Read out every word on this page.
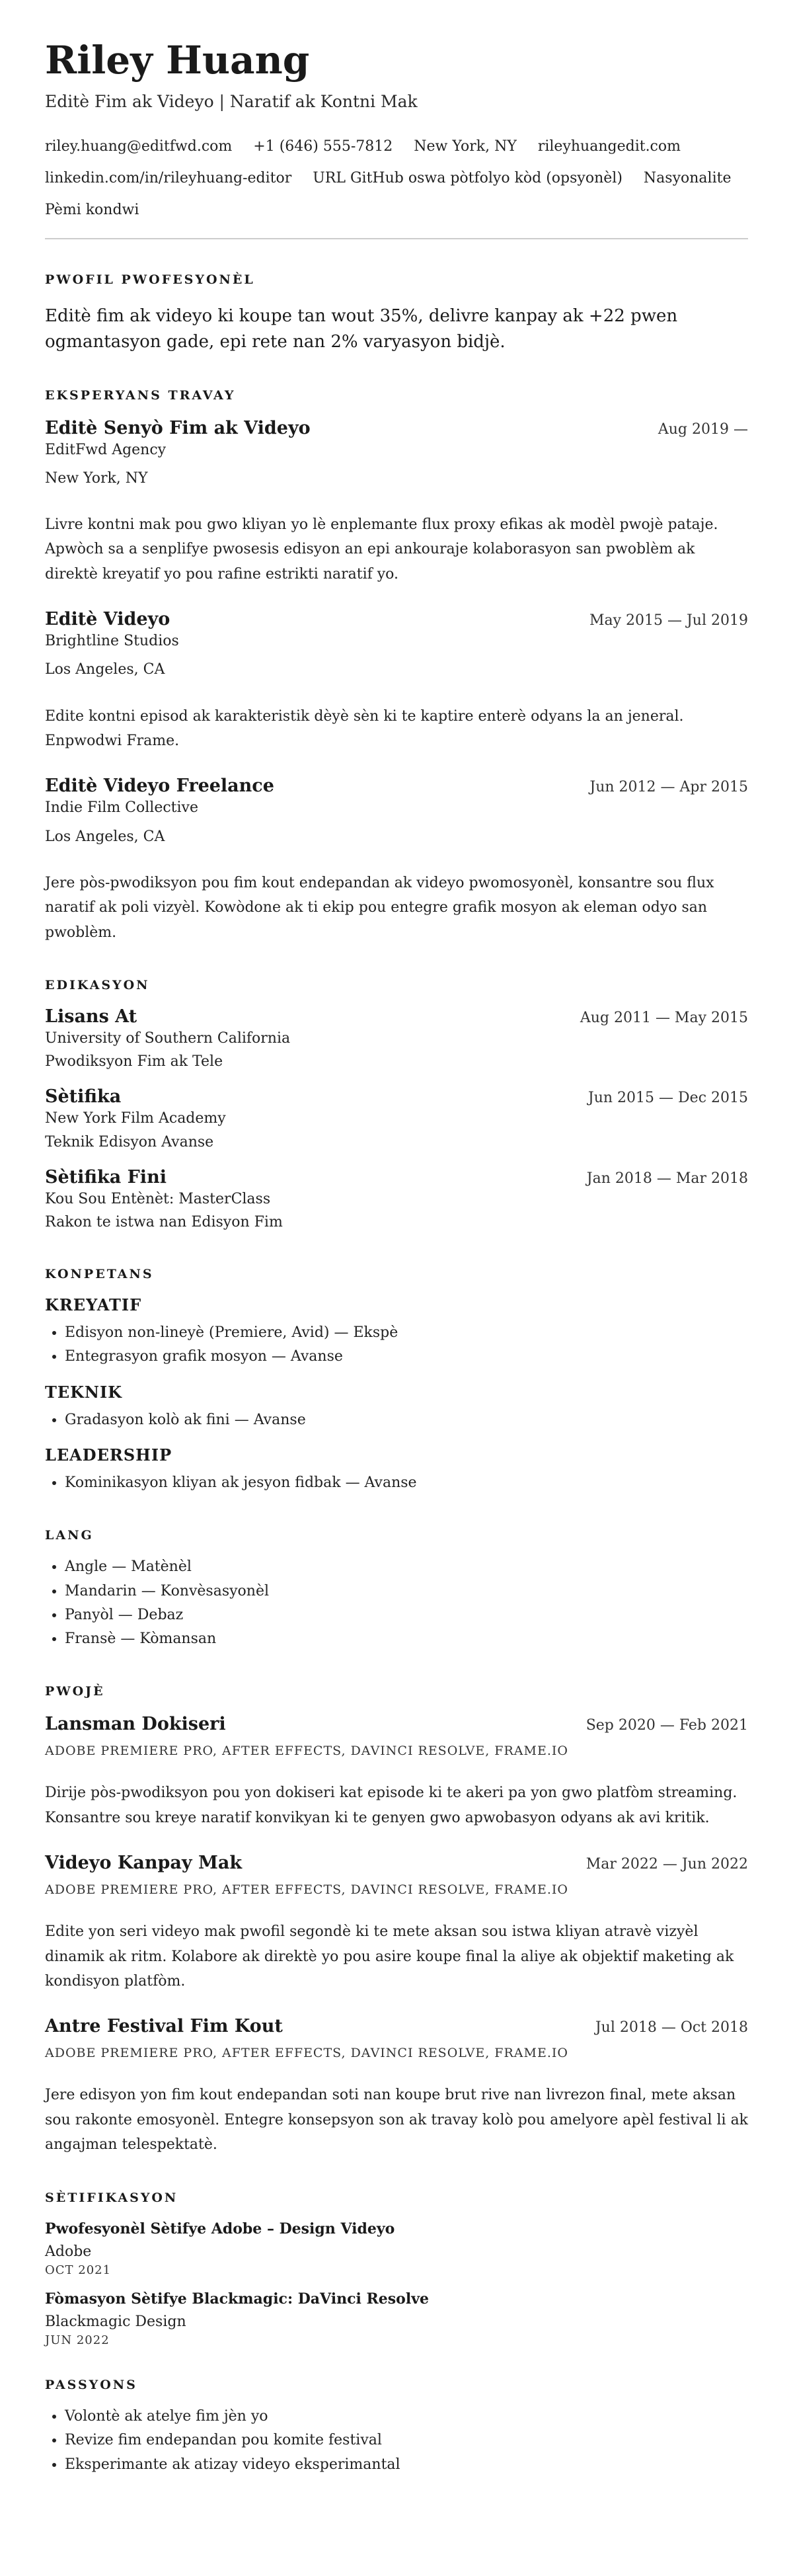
Riley Huang
Editè Fim ak Videyo | Naratif ak Kontni Mak
riley.huang@editfwd.com +1 (646) 555-7812 New York, NY rileyhuangedit.com
linkedin.com/in/rileyhuang-editor URL GitHub oswa pòtfolyo kòd (opsyonèl) Nasyonalite
Pèmi kondwi
PWOFIL PWOFESYONÈL
Editè fim ak videyo ki koupe tan wout 35%, delivre kanpay ak +22 pwen ogmantasyon gade, epi rete nan 2% varyasyon bidjè.
EKSPERYANS TRAVAY
Editè Senyò Fim ak Videyo	Aug 2019 —
EditFwd Agency
New York, NY
Livre kontni mak pou gwo kliyan yo lè enplemante flux proxy efikas ak modèl pwojè pataje. Apwòch sa a senplifye pwosesis edisyon an epi ankouraje kolaborasyon san pwoblèm ak direktè kreyatif yo pou rafine estrikti naratif yo.
Editè Videyo	May 2015 — Jul 2019
Brightline Studios
Los Angeles, CA
Edite kontni episod ak karakteristik dèyè sèn ki te kaptire enterè odyans la an jeneral. Enpwodwi Frame.
Editè Videyo Freelance	Jun 2012 — Apr 2015
Indie Film Collective
Los Angeles, CA
Jere pòs-pwodiksyon pou fim kout endepandan ak videyo pwomosyonèl, konsantre sou flux naratif ak poli vizyèl. Kowòdone ak ti ekip pou entegre grafik mosyon ak eleman odyo san pwoblèm.
EDIKASYON
Lisans At	Aug 2011 — May 2015
University of Southern California
Pwodiksyon Fim ak Tele
Sètifika	Jun 2015 — Dec 2015
New York Film Academy
Teknik Edisyon Avanse
Sètifika Fini	Jan 2018 — Mar 2018
Kou Sou Entènèt: MasterClass
Rakon te istwa nan Edisyon Fim
KONPETANS
KREYATIF
• Edisyon non-lineyè (Premiere, Avid) — Ekspè
• Entegrasyon grafik mosyon — Avanse
TEKNIK
• Gradasyon kolò ak fini — Avanse
LEADERSHIP
• Kominikasyon kliyan ak jesyon fidbak — Avanse
LANG
• Angle — Matènèl
• Mandarin — Konvèsasyonèl
• Panyòl — Debaz
• Fransè — Kòmansan
PWOJÈ
Lansman Dokiseri	Sep 2020 — Feb 2021
ADOBE PREMIERE PRO, AFTER EFFECTS, DAVINCI RESOLVE, FRAME.IO
Dirije pòs-pwodiksyon pou yon dokiseri kat episode ki te akeri pa yon gwo platfòm streaming. Konsantre sou kreye naratif konvikyan ki te genyen gwo apwobasyon odyans ak avi kritik.
Videyo Kanpay Mak	Mar 2022 — Jun 2022
ADOBE PREMIERE PRO, AFTER EFFECTS, DAVINCI RESOLVE, FRAME.IO
Edite yon seri videyo mak pwofil segondè ki te mete aksan sou istwa kliyan atravè vizyèl dinamik ak ritm. Kolabore ak direktè yo pou asire koupe final la aliye ak objektif maketing ak kondisyon platfòm.
Antre Festival Fim Kout	Jul 2018 — Oct 2018
ADOBE PREMIERE PRO, AFTER EFFECTS, DAVINCI RESOLVE, FRAME.IO
Jere edisyon yon fim kout endepandan soti nan koupe brut rive nan livrezon final, mete aksan sou rakonte emosyonèl. Entegre konsepsyon son ak travay kolò pou amelyore apèl festival li ak angajman telespektatè.
SÈTIFIKASYON
Pwofesyonèl Sètifye Adobe – Design Videyo
Adobe
OCT 2021
Fòmasyon Sètifye Blackmagic: DaVinci Resolve
Blackmagic Design
JUN 2022
PASSYONS
• Volontè ak atelye fim jèn yo
• Revize fim endepandan pou komite festival
• Eksperimante ak atizay videyo eksperimantal
